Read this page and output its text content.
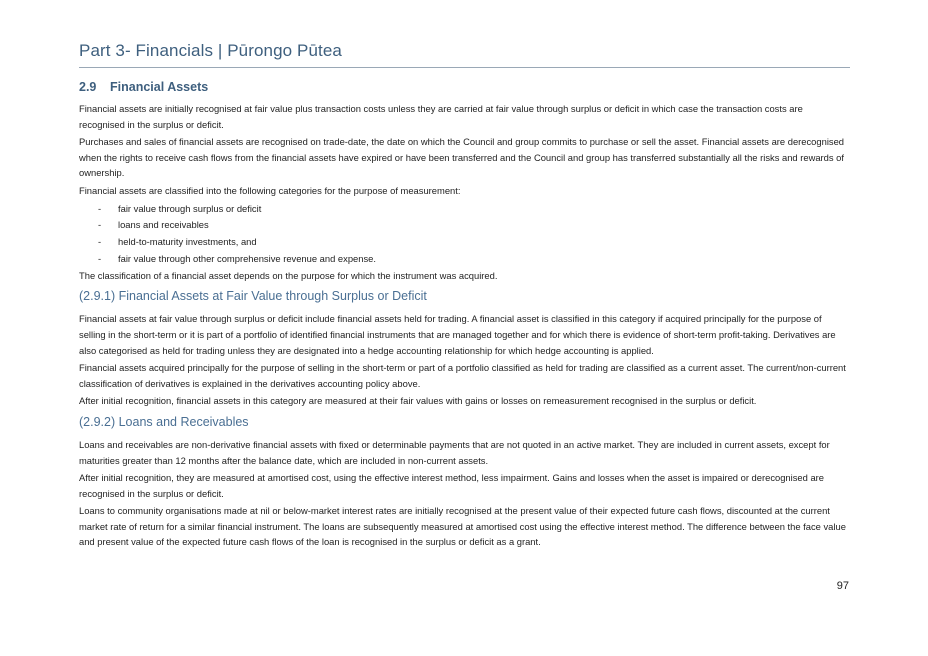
Part 3- Financials | Pūrongo Pūtea
2.9 Financial Assets

Financial assets are initially recognised at fair value plus transaction costs unless they are carried at fair value through surplus or deficit in which case the transaction costs are recognised in the surplus or deficit.

Purchases and sales of financial assets are recognised on trade-date, the date on which the Council and group commits to purchase or sell the asset. Financial assets are derecognised when the rights to receive cash flows from the financial assets have expired or have been transferred and the Council and group has transferred substantially all the risks and rewards of ownership.

Financial assets are classified into the following categories for the purpose of measurement:

- fair value through surplus or deficit
- loans and receivables
- held-to-maturity investments, and
- fair value through other comprehensive revenue and expense.

The classification of a financial asset depends on the purpose for which the instrument was acquired.

(2.9.1) Financial Assets at Fair Value through Surplus or Deficit

Financial assets at fair value through surplus or deficit include financial assets held for trading. A financial asset is classified in this category if acquired principally for the purpose of selling in the short-term or it is part of a portfolio of identified financial instruments that are managed together and for which there is evidence of short-term profit-taking. Derivatives are also categorised as held for trading unless they are designated into a hedge accounting relationship for which hedge accounting is applied.

Financial assets acquired principally for the purpose of selling in the short-term or part of a portfolio classified as held for trading are classified as a current asset. The current/non-current classification of derivatives is explained in the derivatives accounting policy above.

After initial recognition, financial assets in this category are measured at their fair values with gains or losses on remeasurement recognised in the surplus or deficit.

(2.9.2) Loans and Receivables

Loans and receivables are non-derivative financial assets with fixed or determinable payments that are not quoted in an active market. They are included in current assets, except for maturities greater than 12 months after the balance date, which are included in non-current assets.

After initial recognition, they are measured at amortised cost, using the effective interest method, less impairment. Gains and losses when the asset is impaired or derecognised are recognised in the surplus or deficit.

Loans to community organisations made at nil or below-market interest rates are initially recognised at the present value of their expected future cash flows, discounted at the current market rate of return for a similar financial instrument. The loans are subsequently measured at amortised cost using the effective interest method. The difference between the face value and present value of the expected future cash flows of the loan is recognised in the surplus or deficit as a grant.

97
